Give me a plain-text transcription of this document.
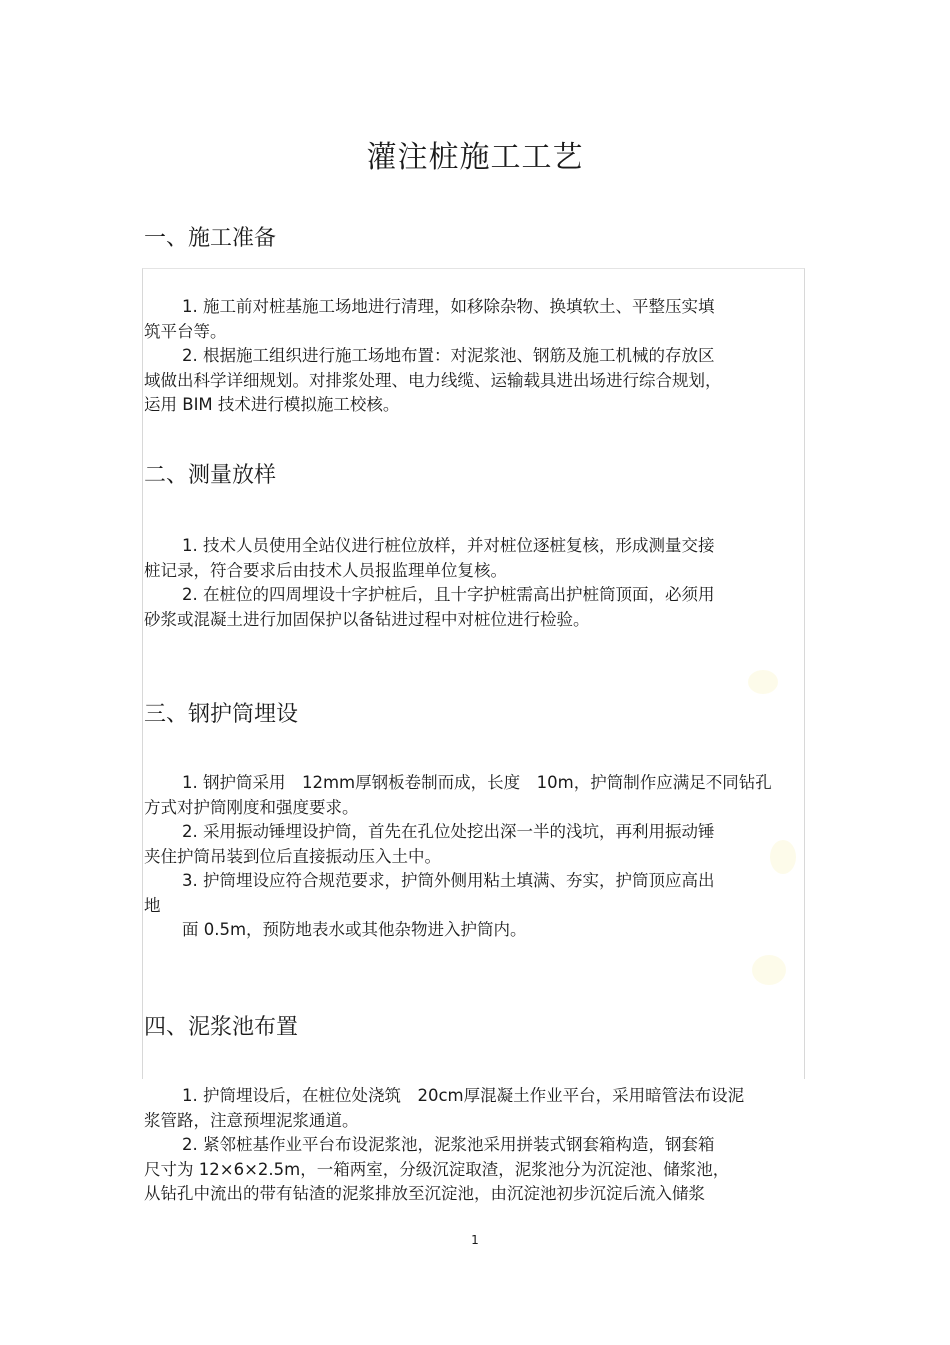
灌注桩施工工艺
一、施工准备
1. 施工前对桩基施工场地进行清理，如移除杂物、换填软土、平整压实填
筑平台等。
2. 根据施工组织进行施工场地布置：对泥浆池、钢筋及施工机械的存放区
域做出科学详细规划。对排浆处理、电力线缆、运输载具进出场进行综合规划，
运用 BIM 技术进行模拟施工校核。
二、测量放样
1. 技术人员使用全站仪进行桩位放样，并对桩位逐桩复核，形成测量交接
桩记录，符合要求后由技术人员报监理单位复核。
2. 在桩位的四周埋设十字护桩后，且十字护桩需高出护桩筒顶面，必须用
砂浆或混凝土进行加固保护以备钻进过程中对桩位进行检验。
三、钢护筒埋设
1. 钢护筒采用　12mm厚钢板卷制而成，长度　10m，护筒制作应满足不同钻孔
方式对护筒刚度和强度要求。
2. 采用振动锤埋设护筒，首先在孔位处挖出深一半的浅坑，再利用振动锤
夹住护筒吊装到位后直接振动压入土中。
3. 护筒埋设应符合规范要求，护筒外侧用粘土填满、夯实，护筒顶应高出
地
面 0.5m，预防地表水或其他杂物进入护筒内。
四、泥浆池布置
1. 护筒埋设后，在桩位处浇筑　20cm厚混凝土作业平台，采用暗管法布设泥
浆管路，注意预埋泥浆通道。
2. 紧邻桩基作业平台布设泥浆池，泥浆池采用拼装式钢套箱构造，钢套箱
尺寸为 12×6×2.5m，一箱两室，分级沉淀取渣，泥浆池分为沉淀池、储浆池，
从钻孔中流出的带有钻渣的泥浆排放至沉淀池，由沉淀池初步沉淀后流入储浆
1
